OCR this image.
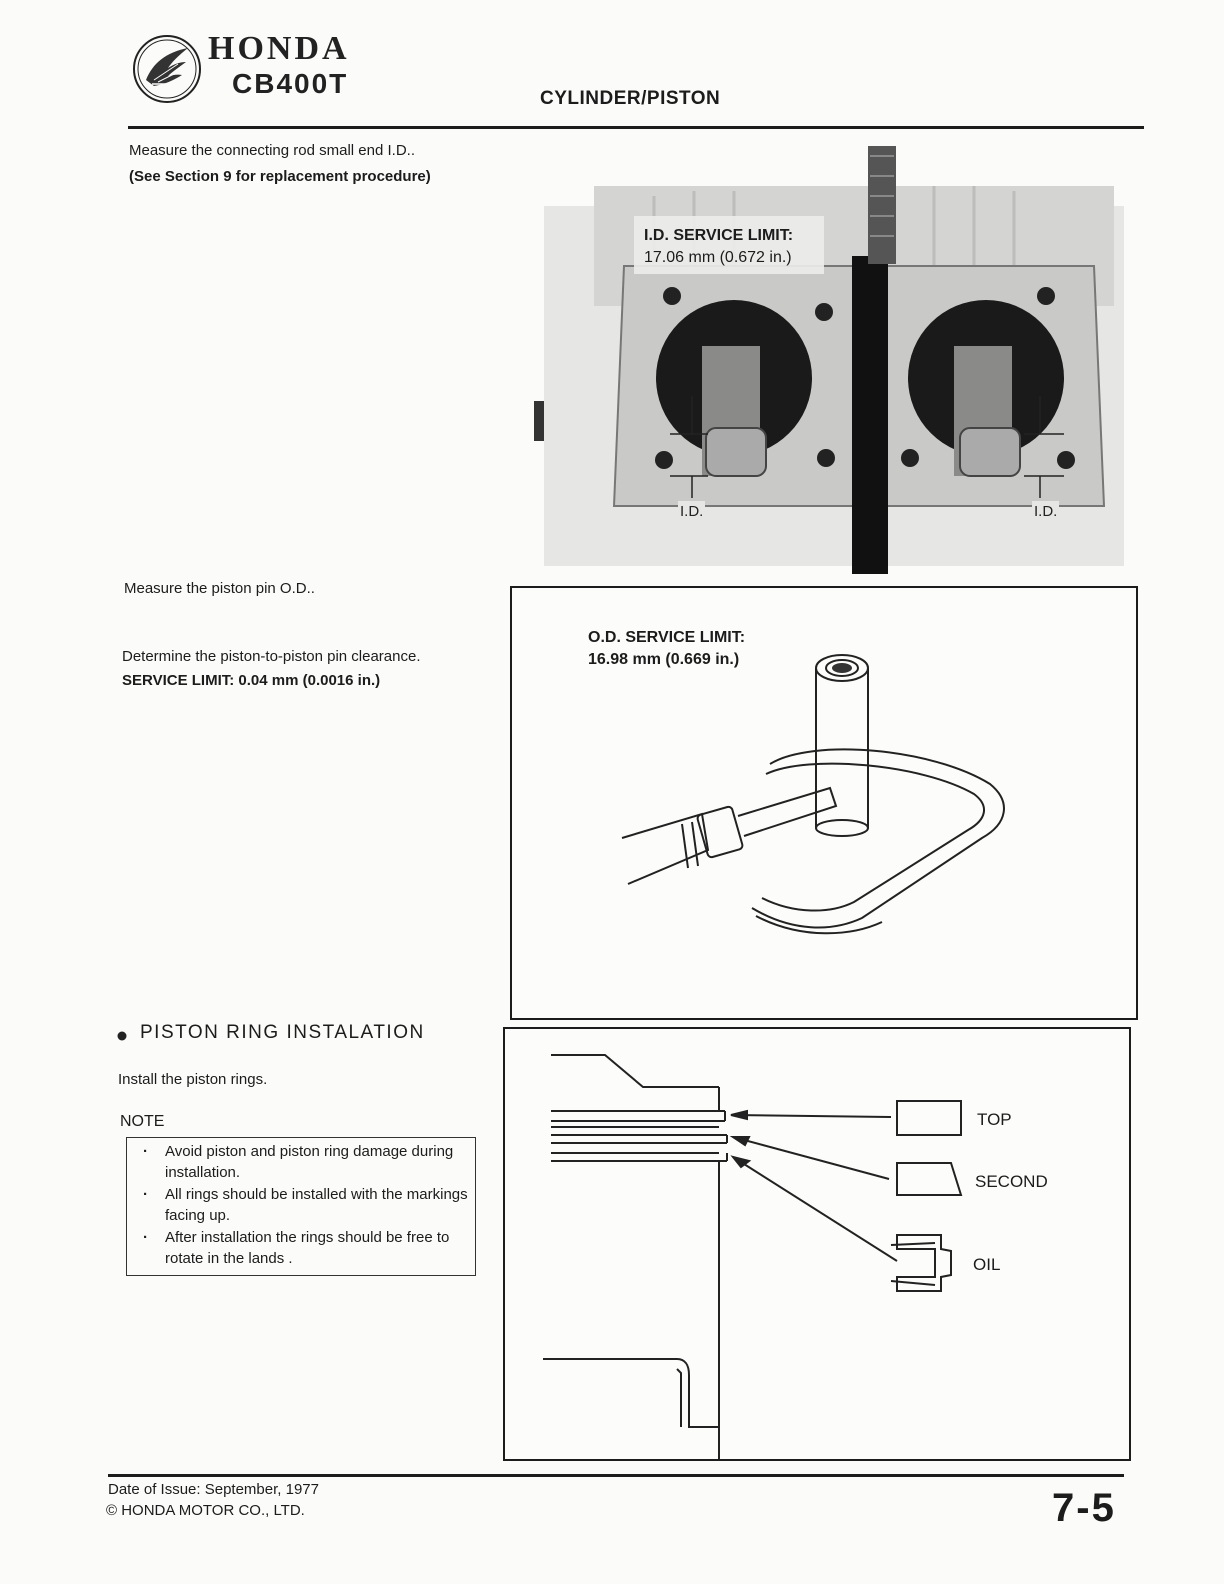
HONDA
CB400T	CYLINDER/PISTON
Measure the connecting rod small end I.D..
(See Section 9 for replacement procedure)
I.D. SERVICE LIMIT:
17.06 mm (0.672 in.)
I.D.	I.D.
Measure the piston pin O.D..
Determine the piston-to-piston pin clearance.
SERVICE LIMIT: 0.04 mm (0.0016 in.)
O.D. SERVICE LIMIT:
16.98 mm (0.669 in.)
PISTON RING INSTALATION
Install the piston rings.
NOTE
· Avoid piston and piston ring damage during installation.
· All rings should be installed with the markings facing up.
· After installation the rings should be free to rotate in the lands .
TOP
SECOND
OIL
Date of Issue: September, 1977
© HONDA MOTOR CO., LTD.	7-5
